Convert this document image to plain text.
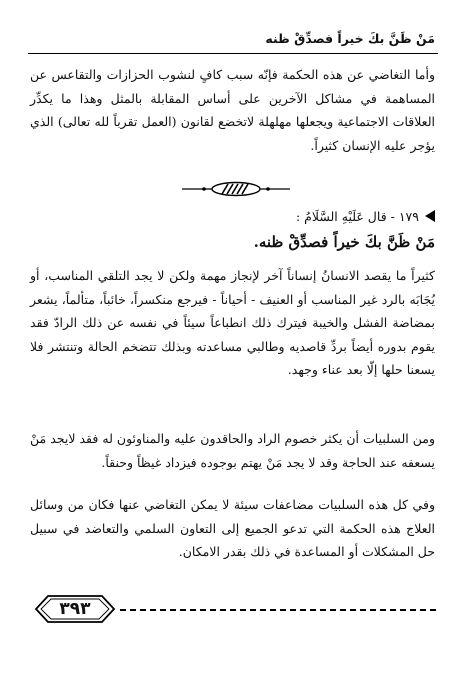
مَنْ ظَنَّ بكَ خيراً فصدِّقْ ظنه
وأما التغاضي عن هذه الحكمة فإنّه سبب كافٍ لنشوب الحزازات والتقاعس عن المساهمة في مشاكل الآخرين على أساس المقابلة بالمثل وهذا ما يكدِّر العلاقات الاجتماعية ويجعلها مهلهلة لاتخضع لقانون (العمل تقرباً لله تعالى) الذي يؤجر عليه الإنسان كثيراً.
١٧٩ - قال عَلَيْهِ السَّلَامُ :
مَنْ ظَنَّ بكَ خيراً فصدِّقْ ظنه.
كثيراً ما يقصد الانسانُ إنساناً آخر لإنجاز مهمة ولكن لا يجد التلقي المناسب، أو يُجَابَه بالرد غير المناسب أو العنيف - أحياناً - فيرجع منكسراً، خائباً، متألماً، يشعر بمضاضة الفشل والخيبة فيترك ذلك انطباعاً سيئاً في نفسه عن ذلك الرادّ فقد يقوم بدوره أيضاً بردِّ قاصديه وطالبي مساعدته وبذلك تتضخم الحالة وتنتشر فلا يسعنا حلها إلّا بعد عناء وجهد.
ومن السلبيات أن يكثر خصوم الراد والحاقدون عليه والمناوئون له فقد لايجد مَنْ يسعفه عند الحاجة وقد لا يجد مَنْ يهتم بوجوده فيزداد غيظاً وحنقاً.
وفي كل هذه السلبيات مضاعفات سيئة لا يمكن التغاضي عنها فكان من وسائل العلاج هذه الحكمة التي تدعو الجميع إلى التعاون السلمي والتعاضد في سبيل حل المشكلات أو المساعدة في ذلك بقدر الامكان.
٣٩٣
